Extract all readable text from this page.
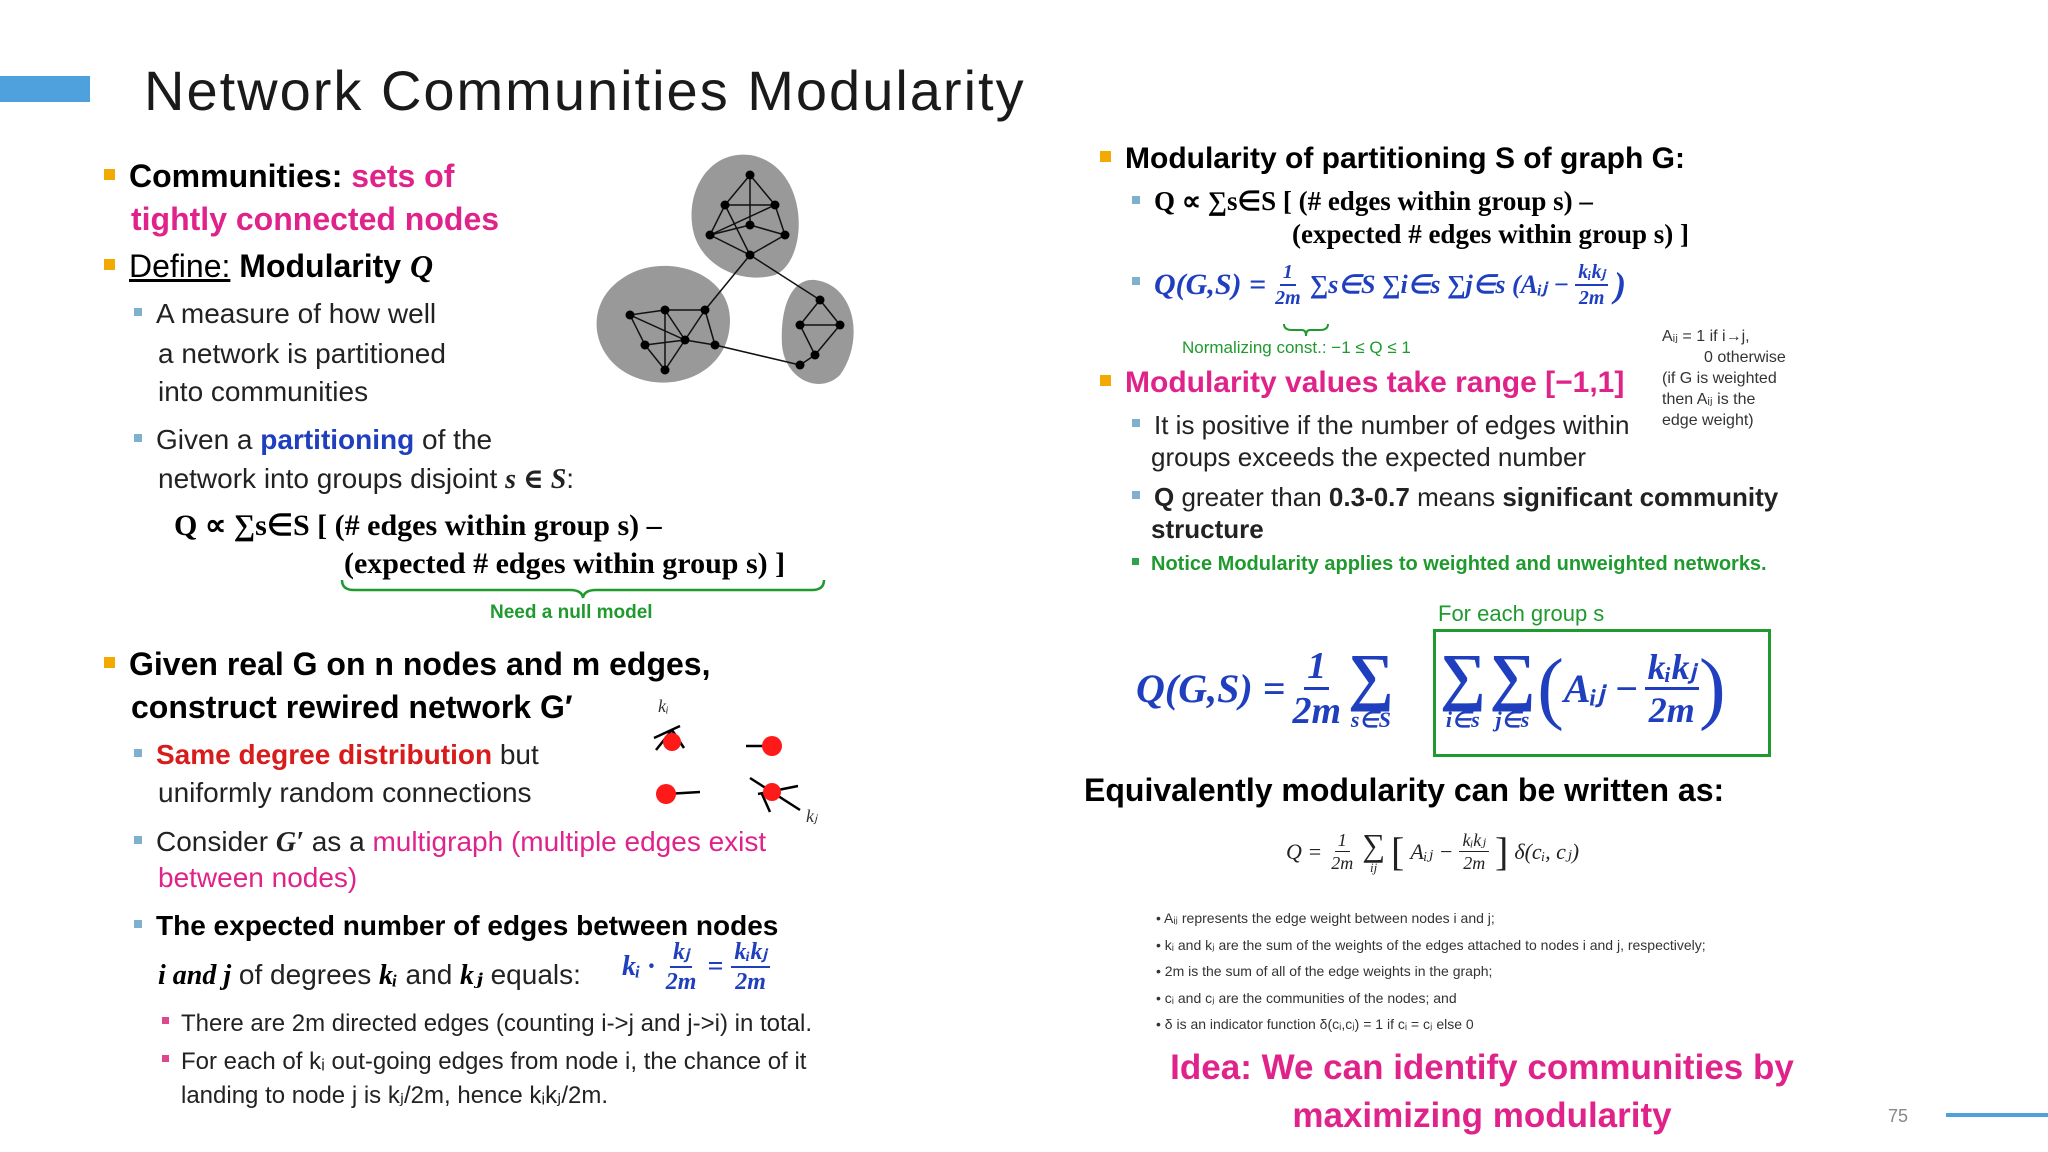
Network Communities Modularity
Communities: sets of
tightly connected nodes
Define: Modularity Q
A measure of how well
a network is partitioned
into communities
Given a partitioning of the
network into groups disjoint s ∈ S:
Q ∝ ∑s∈S [ (# edges within group s) –
(expected # edges within group s) ]
Need a null model
Given real G on n nodes and m edges,
construct rewired network G′
Same degree distribution but
uniformly random connections
kᵢ
kⱼ
Consider G′ as a multigraph (multiple edges exist
between nodes)
The expected number of edges between nodes
i and j of degrees kᵢ and kⱼ equals: kᵢ · $\frac{\text{kⱼ}}{2m} = \frac{\text{kᵢkⱼ}}{2m}$
There are 2m directed edges (counting i->j and j->i) in total.
For each of kᵢ out-going edges from node i, the chance of it
landing to node j is kⱼ/2m, hence kᵢkⱼ/2m.
Modularity of partitioning S of graph G:
Q ∝ ∑s∈S [ (# edges within group s) –
(expected # edges within group s) ]
$Q(G,S) = \frac{1}{2m}$ ∑s∈S ∑i∈s ∑j∈s (Aᵢⱼ − $\frac{\text{kᵢkⱼ}}{2m}$ )
Normalizing const.: −1 ≤ Q ≤ 1
Aᵢⱼ = 1 if i→j,
0 otherwise
(if G is weighted
then Aᵢⱼ is the
edge weight)
Modularity values take range [−1,1]
It is positive if the number of edges within
groups exceeds the expected number
Q greater than 0.3-0.7 means significant community
structure
Notice Modularity applies to weighted and unweighted networks.
For each group s
$Q(G,S) = \frac{1}{2m}$ ∑
s∈S
∑
i∈s
∑
j∈s ( Aᵢⱼ − $\frac{\text{kᵢkⱼ}}{2m}$ )
Equivalently modularity can be written as:
$Q = \frac{1}{2m}$ ∑
ij [ Aᵢⱼ − $\frac{\text{kᵢkⱼ}}{2m}$ ] δ(cᵢ, cⱼ)
• Aᵢⱼ represents the edge weight between nodes i and j;
• kᵢ and kⱼ are the sum of the weights of the edges attached to nodes i and j, respectively;
• 2m is the sum of all of the edge weights in the graph;
• cᵢ and cⱼ are the communities of the nodes; and
• δ is an indicator function δ(cᵢ,cⱼ) = 1 if cᵢ = cⱼ else 0
Idea: We can identify communities by
maximizing modularity	75
